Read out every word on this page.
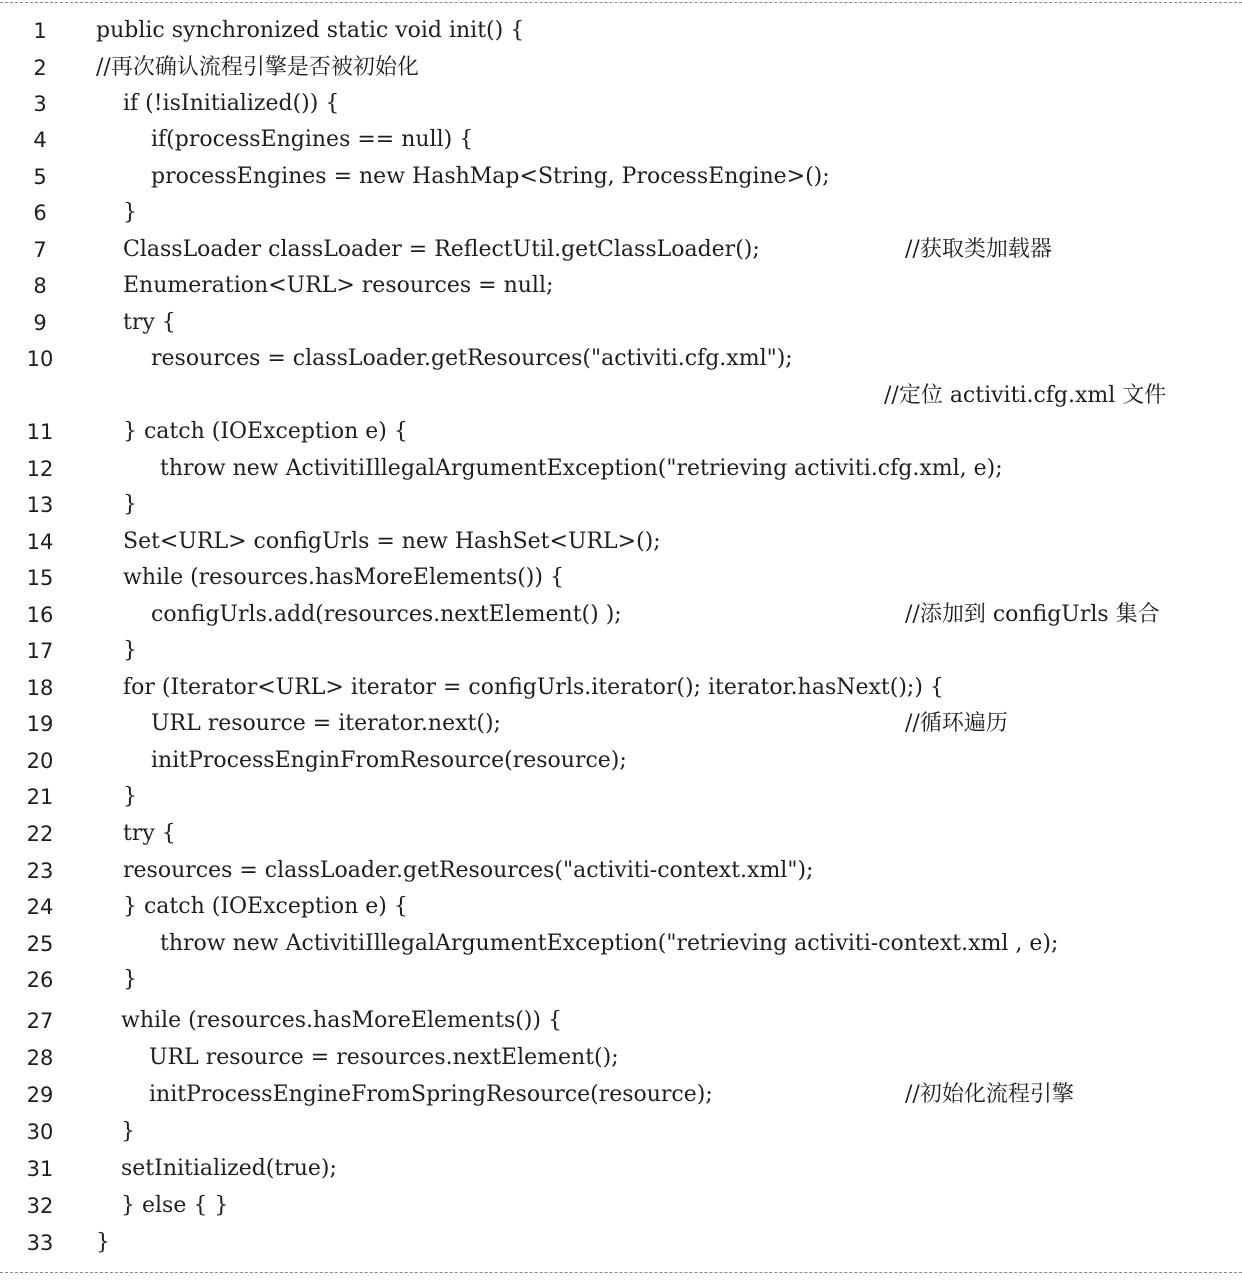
1	public synchronized static void init() {
2	//再次确认流程引擎是否被初始化
3	if (!isInitialized()) {
4	if(processEngines == null) {
5	processEngines = new HashMap<String, ProcessEngine>();
6	}
7	ClassLoader classLoader = ReflectUtil.getClassLoader();	//获取类加载器
8	Enumeration<URL> resources = null;
9	try {
10	resources = classLoader.getResources("activiti.cfg.xml");
//定位 activiti.cfg.xml 文件
11	} catch (IOException e) {
12	throw new ActivitiIllegalArgumentException("retrieving activiti.cfg.xml, e);
13	}
14	Set<URL> configUrls = new HashSet<URL>();
15	while (resources.hasMoreElements()) {
16	configUrls.add(resources.nextElement() );	//添加到 configUrls 集合
17	}
18	for (Iterator<URL> iterator = configUrls.iterator(); iterator.hasNext();) {
19	URL resource = iterator.next();	//循环遍历
20	initProcessEnginFromResource(resource);
21	}
22	try {
23	resources = classLoader.getResources("activiti-context.xml");
24	} catch (IOException e) {
25	throw new ActivitiIllegalArgumentException("retrieving activiti-context.xml , e);
26	}
27	while (resources.hasMoreElements()) {
28	URL resource = resources.nextElement();
29	initProcessEngineFromSpringResource(resource);	//初始化流程引擎
30	}
31	setInitialized(true);
32	} else { }
33	}
